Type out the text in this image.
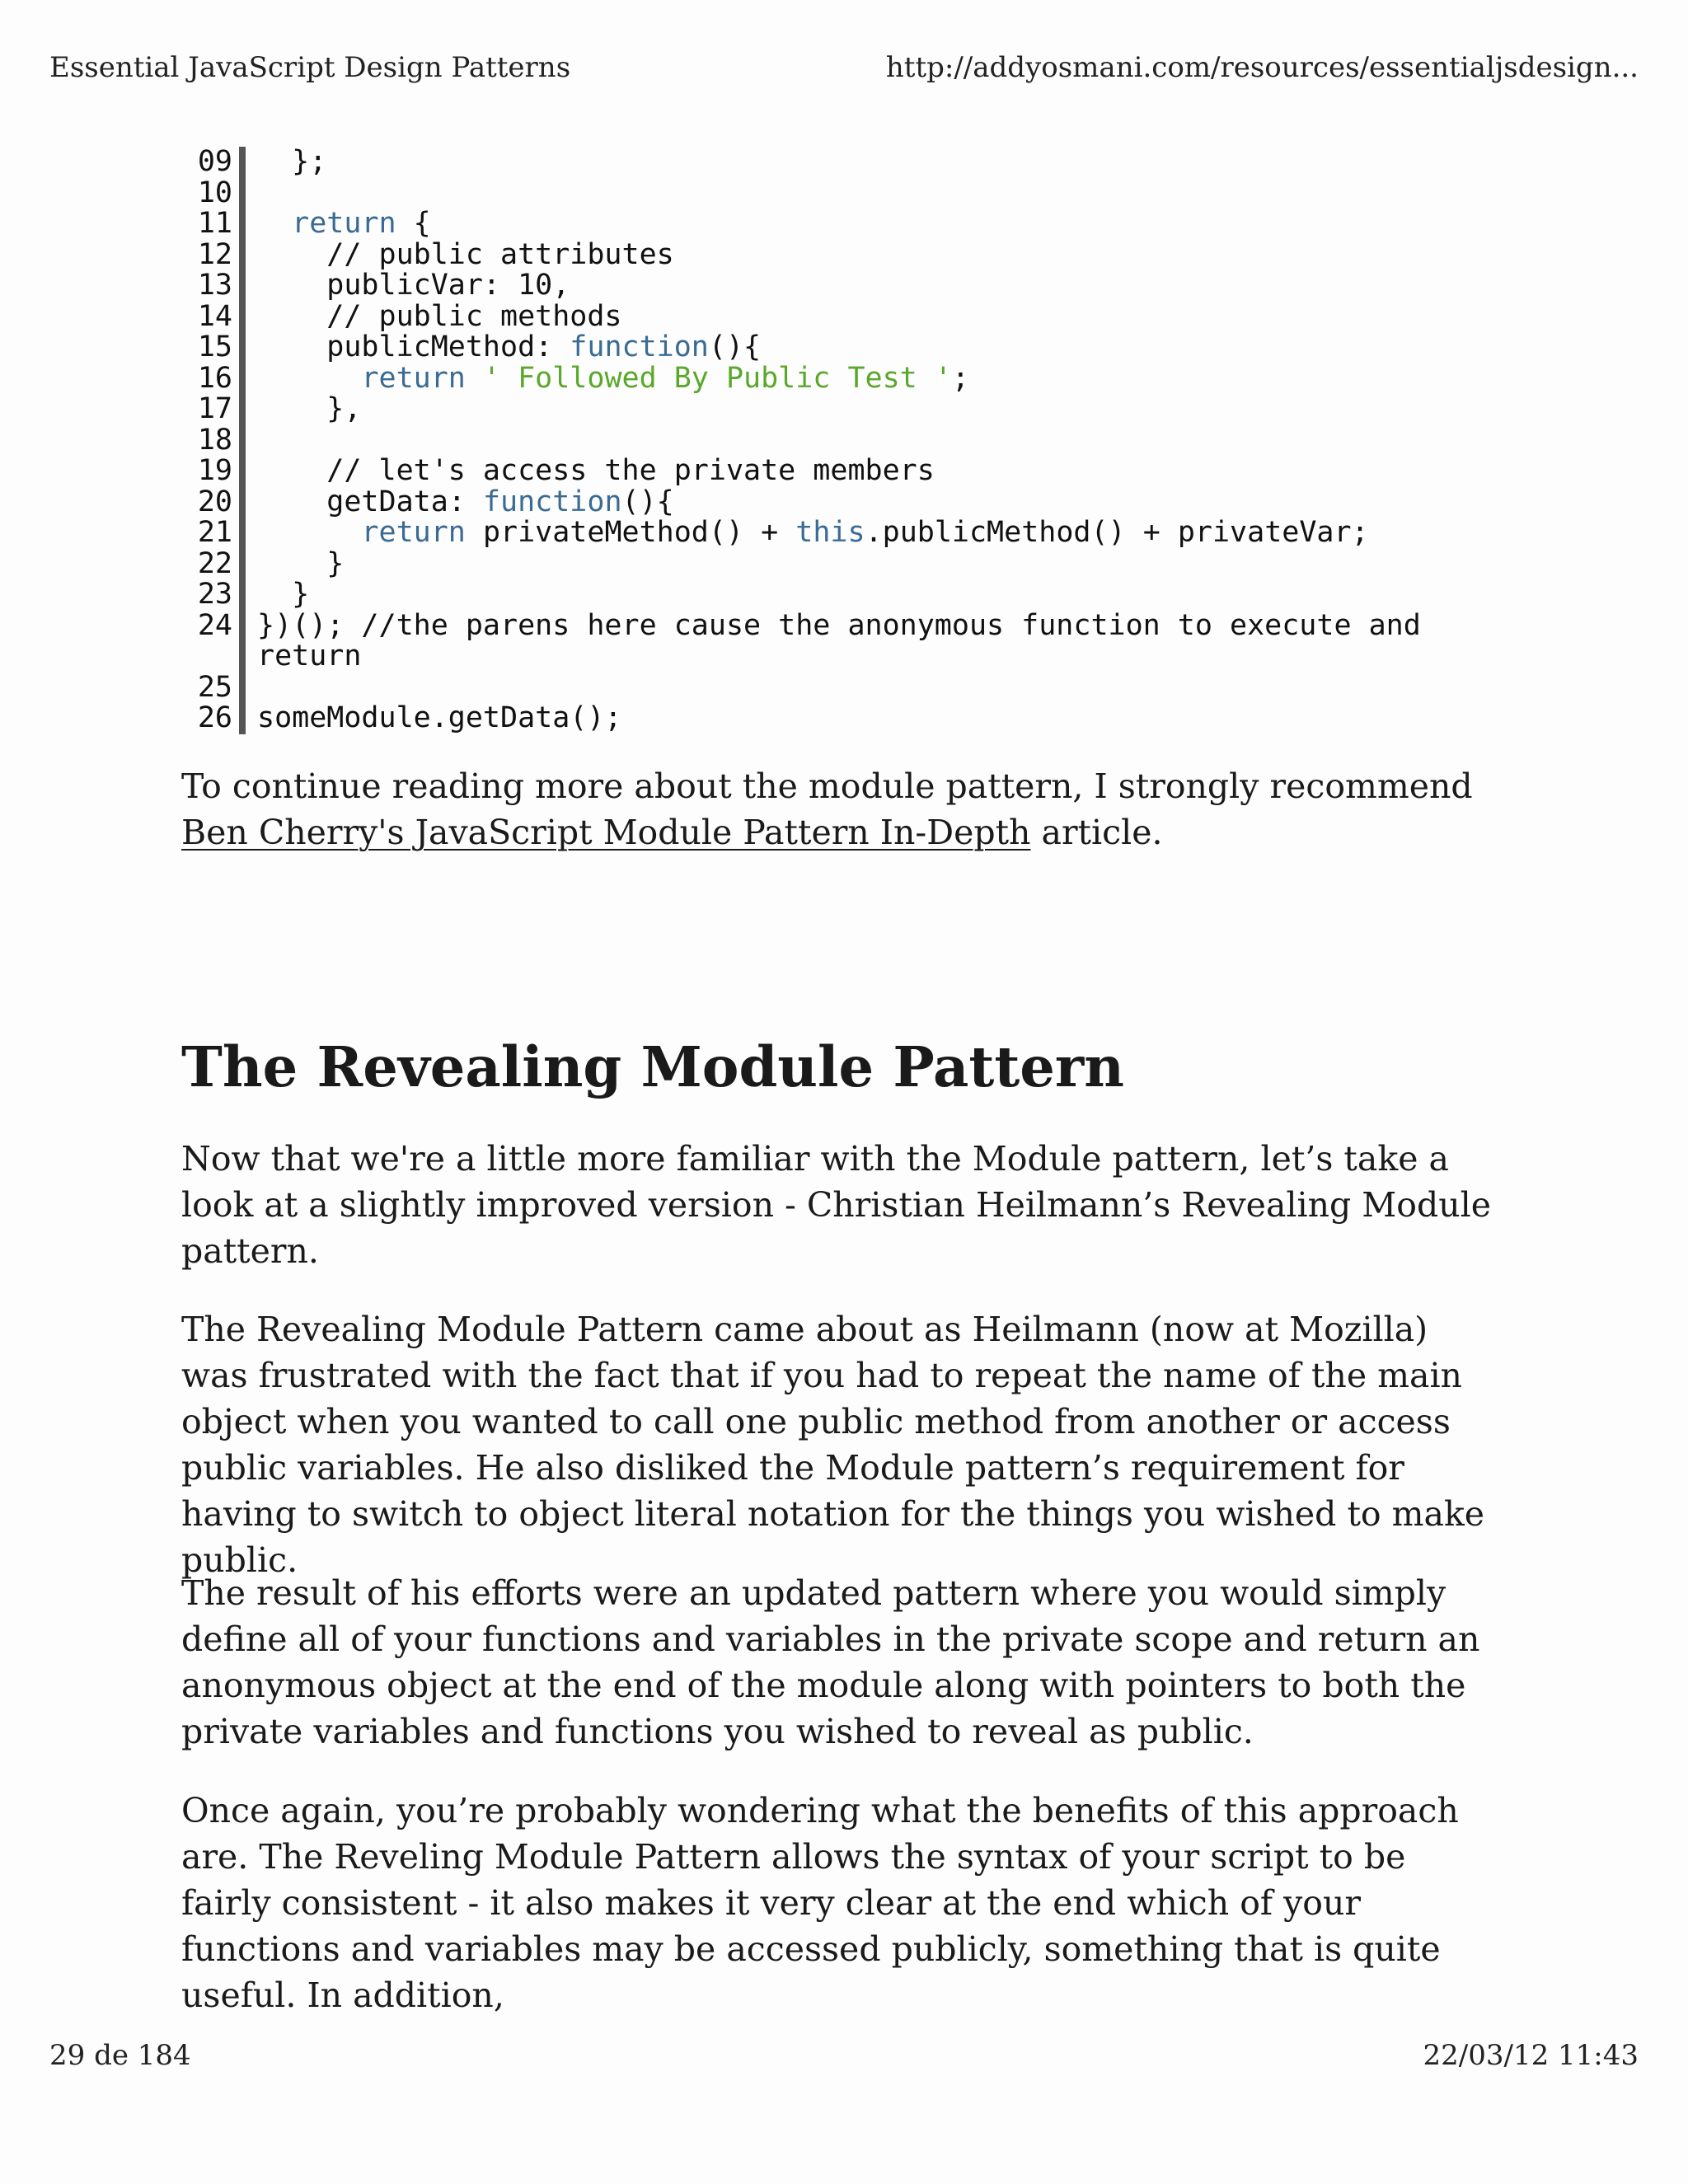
Essential JavaScript Design Patterns	http://addyosmani.com/resources/essentialjsdesign...
09 };
10
11	return {
12 // public attributes
13 publicVar: 10,
14 // public methods
15 publicMethod: function(){
16	return ' Followed By Public Test ';
17 },
18
19 // let's access the private members
20 getData: function(){
21	return privateMethod() + this.publicMethod() + privateVar;
22 }
23 }
24 })(); //the parens here cause the anonymous function to execute and
return
25
26 someModule.getData();

To continue reading more about the module pattern, I strongly recommend
Ben Cherry's JavaScript Module Pattern In-Depth article.

The Revealing Module Pattern

Now that we're a little more familiar with the Module pattern, let’s take a look at a slightly improved version - Christian Heilmann’s Revealing Module pattern.

The Revealing Module Pattern came about as Heilmann (now at Mozilla) was frustrated with the fact that if you had to repeat the name of the main object when you wanted to call one public method from another or access public variables. He also disliked the Module pattern’s requirement for having to switch to object literal notation for the things you wished to make public.

The result of his efforts were an updated pattern where you would simply define all of your functions and variables in the private scope and return an anonymous object at the end of the module along with pointers to both the private variables and functions you wished to reveal as public.

Once again, you’re probably wondering what the benefits of this approach are. The Reveling Module Pattern allows the syntax of your script to be fairly consistent - it also makes it very clear at the end which of your functions and variables may be accessed publicly, something that is quite useful. In addition,

29 de 184	22/03/12 11:43
